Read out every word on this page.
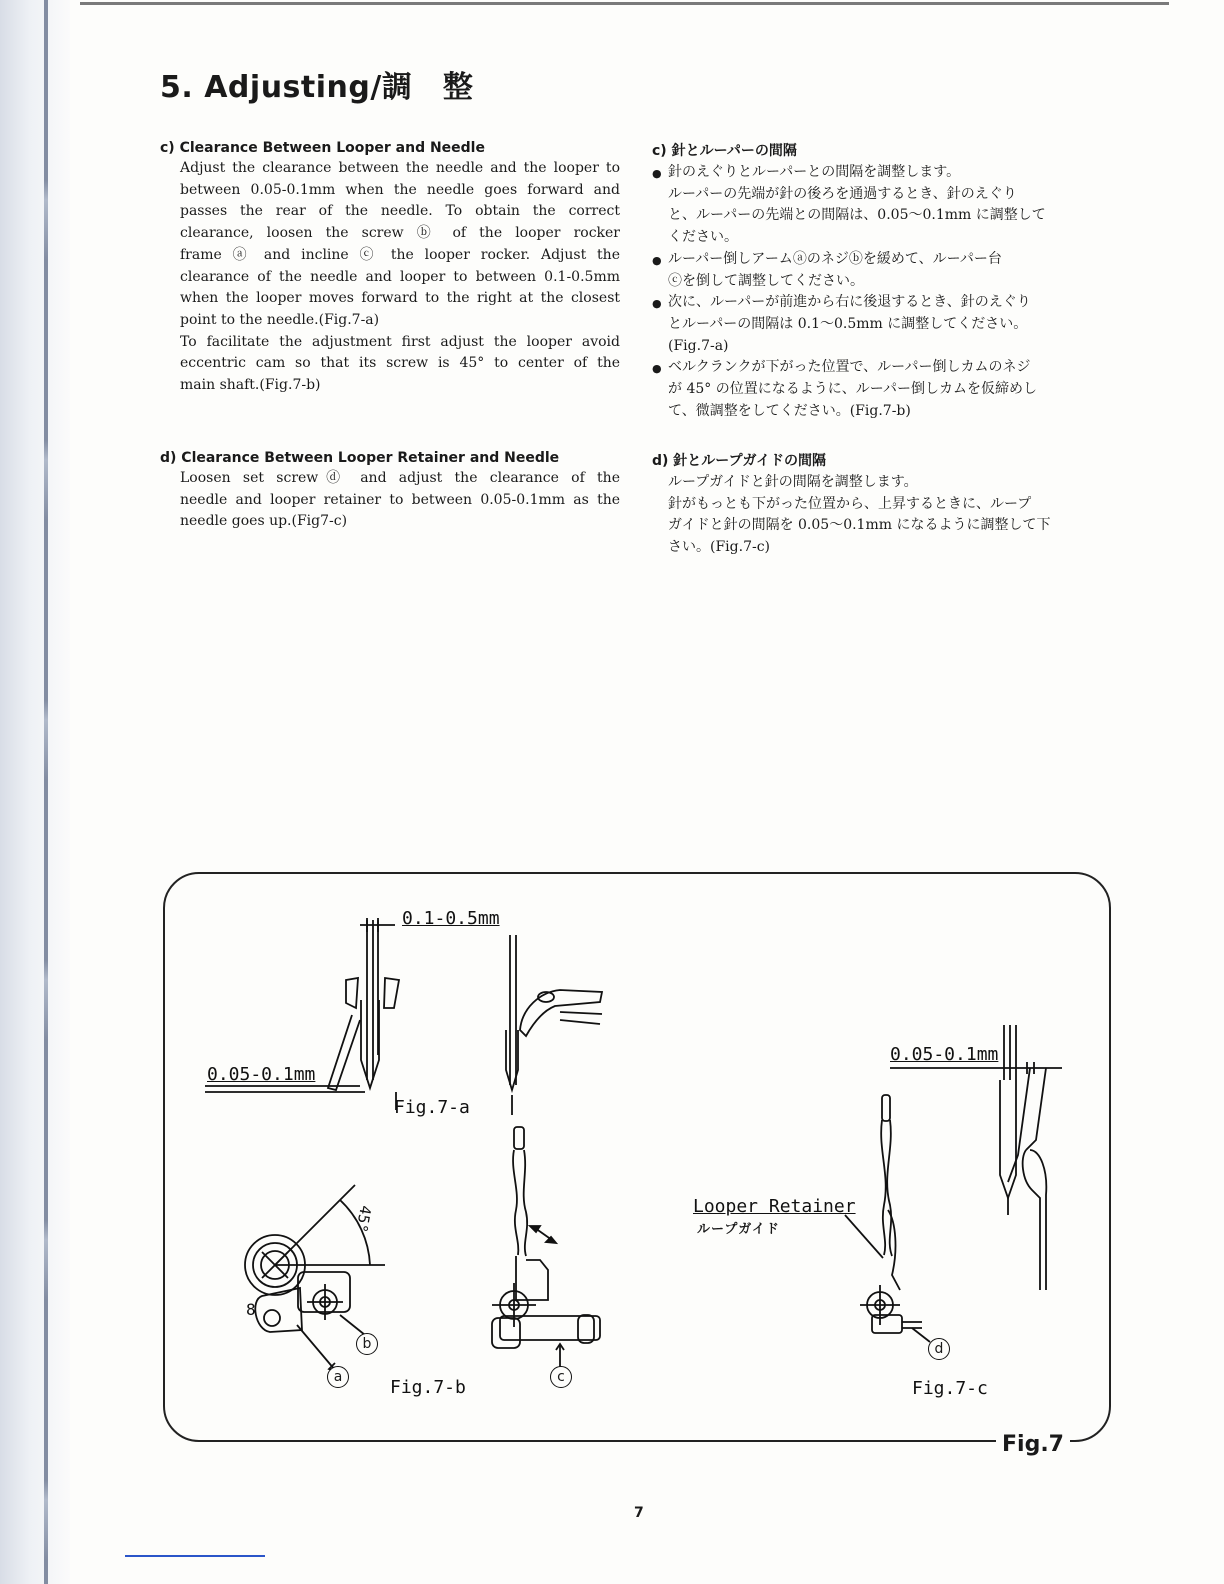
5. Adjusting/調　整
c) Clearance Between Looper and Needle

Adjust the clearance between the needle and the looper to

between 0.05-0.1mm when the needle goes forward and

passes the rear of the needle. To obtain the correct

clearance, loosen the screw ⓑ of the looper rocker

frame ⓐ and incline ⓒ the looper rocker. Adjust the

clearance of the needle and looper to between 0.1-0.5mm

when the looper moves forward to the right at the closest

point to the needle.(Fig.7-a)

To facilitate the adjustment first adjust the looper avoid

eccentric cam so that its screw is 45° to center of the

main shaft.(Fig.7-b)

d) Clearance Between Looper Retainer and Needle

Loosen set screwⓓ and adjust the clearance of the

needle and looper retainer to between 0.05-0.1mm as the

needle goes up.(Fig7-c)

c) 針とルーパーの間隔
● 針のえぐりとルーパーとの間隔を調整します。
ルーパーの先端が針の後ろを通過するとき、針のえぐり
と、ルーパーの先端との間隔は、0.05〜0.1mm に調整して
ください。
● ルーパー倒しアームⓐのネジⓑを緩めて、ルーパー台
ⓒを倒して調整してください。
● 次に、ルーパーが前進から右に後退するとき、針のえぐり
とルーパーの間隔は 0.1〜0.5mm に調整してください。
(Fig.7-a)
● ベルクランクが下がった位置で、ルーパー倒しカムのネジ
が 45° の位置になるように、ルーパー倒しカムを仮締めし
て、微調整をしてください。(Fig.7-b)
d) 針とループガイドの間隔
ループガイドと針の間隔を調整します。
針がもっとも下がった位置から、上昇するときに、ループ
ガイドと針の間隔を 0.05〜0.1mm になるように調整して下
さい。(Fig.7-c)
0.1-0.5mm
0.05-0.1mm
Fig.7-a
45°
8
a
b
c
Fig.7-b
0.05-0.1mm
Looper Retainer
ループガイド
d
Fig.7-c
Fig.7
7
